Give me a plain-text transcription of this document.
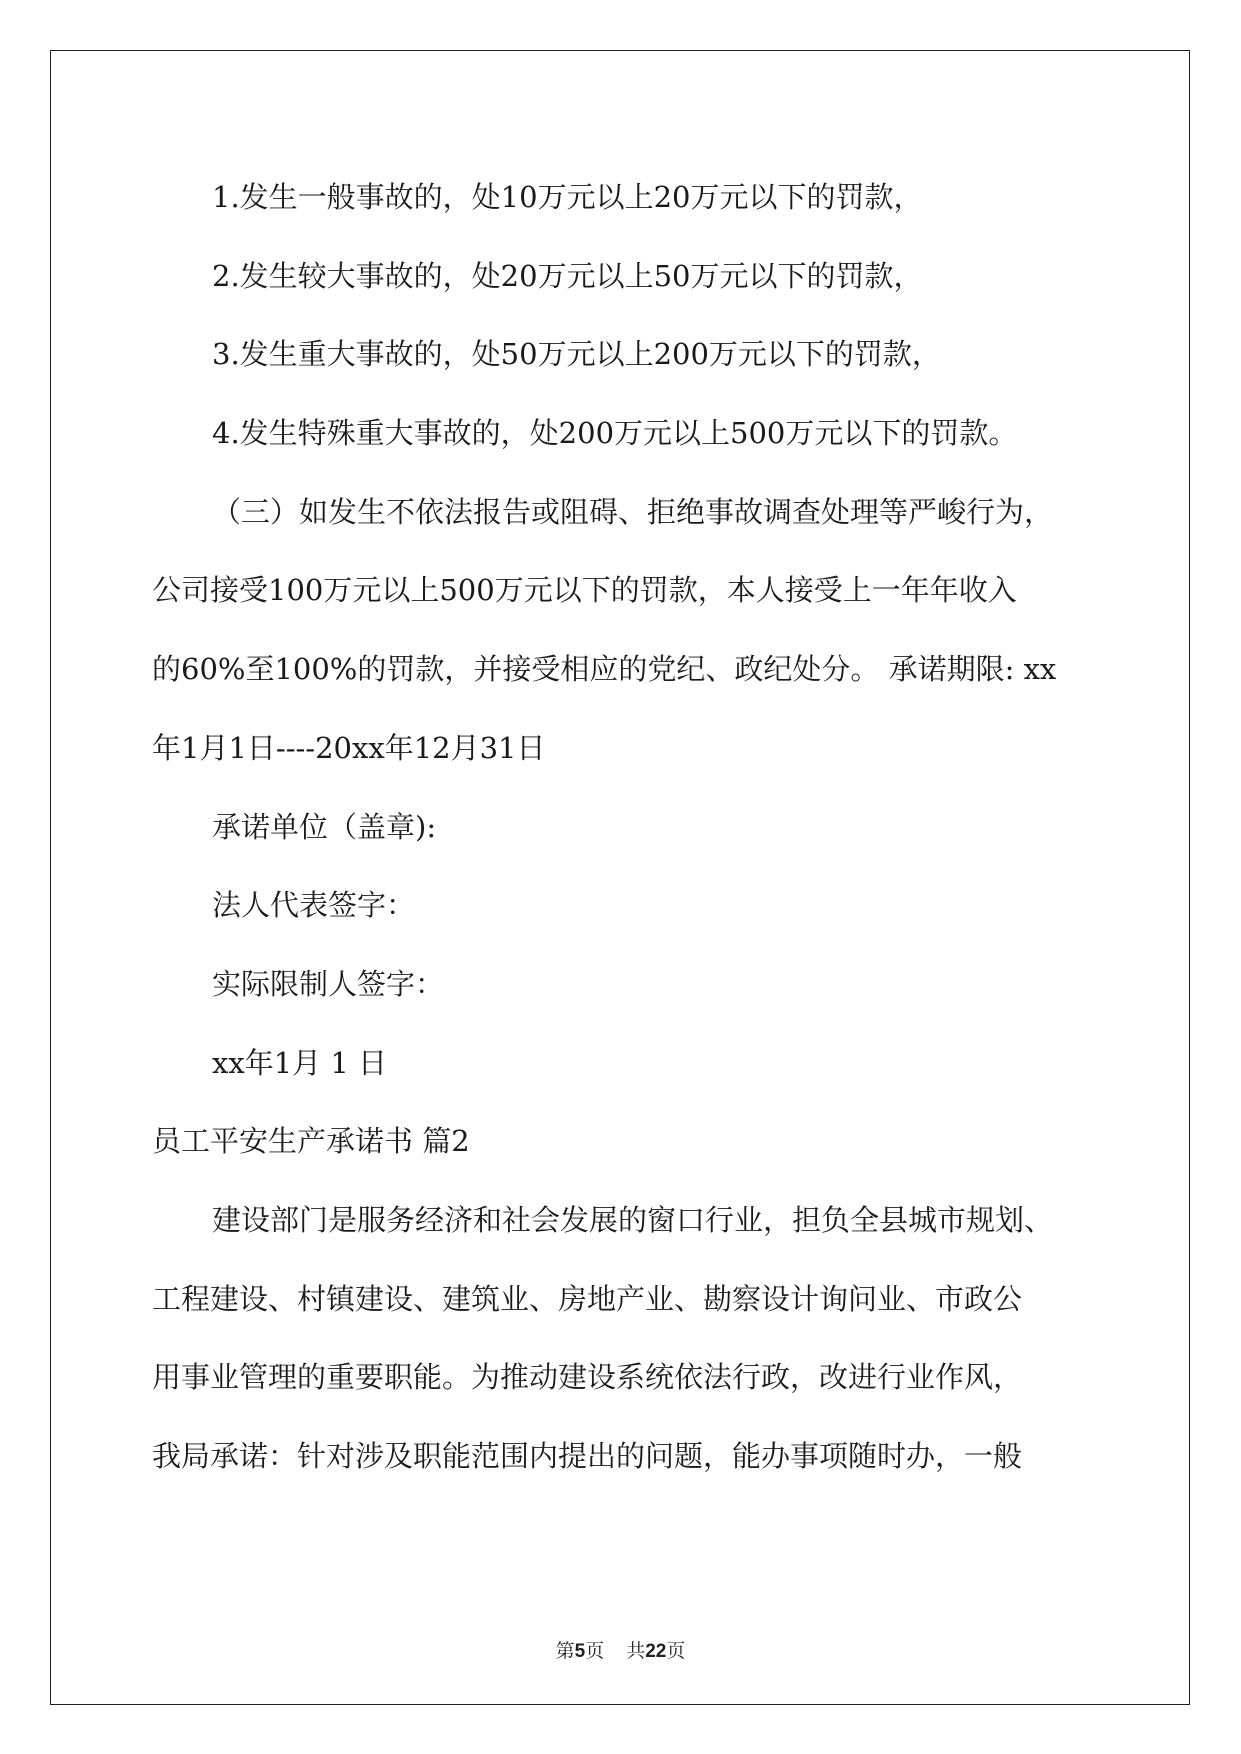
1.发生一般事故的，处10万元以上20万元以下的罚款，
2.发生较大事故的，处20万元以上50万元以下的罚款，
3.发生重大事故的，处50万元以上200万元以下的罚款，
4.发生特殊重大事故的，处200万元以上500万元以下的罚款。
（三）如发生不依法报告或阻碍、拒绝事故调查处理等严峻行为，
公司接受100万元以上500万元以下的罚款，本人接受上一年年收入
的60%至100%的罚款，并接受相应的党纪、政纪处分。 承诺期限: xx
年1月1日----20xx年12月31日
承诺单位（盖章):
法人代表签字：
实际限制人签字：
xx年1月 1 日
员工平安生产承诺书 篇2
建设部门是服务经济和社会发展的窗口行业，担负全县城市规划、
工程建设、村镇建设、建筑业、房地产业、勘察设计询问业、市政公
用事业管理的重要职能。为推动建设系统依法行政，改进行业作风，
我局承诺：针对涉及职能范围内提出的问题，能办事项随时办，一般
第5页 共22页
